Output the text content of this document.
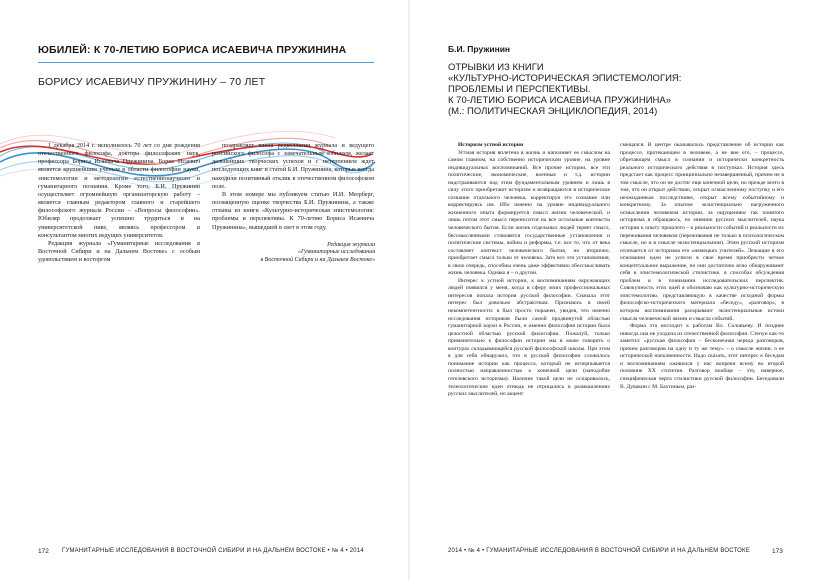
ЮБИЛЕЙ: К 70-ЛЕТИЮ БОРИСА ИСАЕВИЧА ПРУЖИНИНА
БОРИСУ ИСАЕВИЧУ ПРУЖИНИНУ – 70 ЛЕТ

1 декабря 2014 г. исполнилось 70 лет со дня рождения отечественного философа, доктора философских наук, профессора Бориса Исаевича Пружинина. Борис Исаевич является крупнейшим ученым в области философии науки, эпистемологии и методологии естественнонаучного и гуманитарного познания. Кроме того, Б.И. Пружинин осуществляет огромнейшую организаторскую работу – является главным редактором главного и старейшего философского журнала России – «Вопросы философии». Юбиляр продолжает успешно трудиться и на университетской ниве, являясь профессором и консультантом многих ведущих университетов.

Редакция журнала «Гуманитарные исследования в Восточной Сибири и на Дальнем Востоке» с особым удовольствием и восторгом

поздравляет члена редколлегии журнала и ведущего российского философа с замечательным юбилеем, желает дальнейших творческих успехов и с нетерпением ждет последующих книг и статей Б.И. Пружинина, которые всегда находили позитивный отклик в отечественном философском поле.

В этом номере мы публикуем статью И.И. Мюрберг, посвященную оценке творчества Б.И. Пружинина, а также отзывы из книги «Культурно-историческая эпистемология: проблемы и перспективы. К 70-летию Бориса Исаевича Пружинина», вышедшей в свет в этом году.

Редакция журнала
«Гуманитарные исследования
в Восточной Сибири и на Дальнем Востоке»
172 ГУМАНИТАРНЫЕ ИССЛЕДОВАНИЯ В ВОСТОЧНОЙ СИБИРИ И НА ДАЛЬНЕМ ВОСТОКЕ • № 4 • 2014
Б.И. Пружинин
ОТРЫВКИ ИЗ КНИГИ
«КУЛЬТУРНО-ИСТОРИЧЕСКАЯ ЭПИСТЕМОЛОГИЯ:
ПРОБЛЕМЫ И ПЕРСПЕКТИВЫ.
К 70-ЛЕТИЮ БОРИСА ИСАЕВИЧА ПРУЖИНИНА»
(М.: ПОЛИТИЧЕСКАЯ ЭНЦИКЛОПЕДИЯ, 2014)

Историзм устной истории

Устная история вплетена в жизнь и наполняет ее смыслом на самом главном, на собственно историческом уровне, на уровне индивидуальных воспоминаний. Все прочие истории, все эти политические, экономические, военные и т.д. истории надстраиваются над этим фундаментальным уровнем и лишь в силу этого приобретают историзм и возвращаются в историческое сознание отдельного человека, корректируя это сознание или корректируясь им. Ибо именно на уровне индивидуального жизненного опыта формируется смысл жизни человеческой, и лишь потом этот смысл переносится на все остальные контексты человеческого бытия. Если жизнь отдельных людей теряет смысл, бессмысленными становятся государственные установления и политические системы, войны и реформы, т.е. все то, что от века составляет контекст человеческого бытия, но вторично, приобретает смысл только от человека. Зато все эти установления, в свою очередь, способны очень даже эффективно обессмысливать жизнь человека. Однако я – о другом.

Интерес к устной истории, к воспоминаниям окружающих людей появился у меня, когда в сферу моих профессиональных интересов попала история русской философии. Сначала этот интерес был довольно абстрактным. Признаюсь в своей некомпетентности: я был просто поражен, увидев, что именно исследования историков были самой продвинутой областью гуманитарной науки в России, и именно философия истории была целостной областью русской философии. Пожалуй, только применительно к философии истории мы в може говорить о контурах складывающейся русской философской школы. При этом я для себя обнаружил, что в русской философии сложилось понимание истории как процесса, который не исчерпывается полностью направленностью к конечной цели (наподобие гегелевского историзма). Наличие такой цели не оспаривалось, телеологические идеи отнюдь не отрицались в размышлениях русских мыслителей, но акцент

смещался. В центре оказывалось представление об истории как процессе, протекающем в человеке, а не вне его, – процессе, обретающем смысл в сознании и исторически конкретность реального исторического действия в поступках. История здесь предстает как процесс принципиально незавершенный, причем не в том смысле, что он не достиг еще конечной цели, но прежде всего в том, что он открыт действию, открыт осмысленному поступку и его неожиданным последствиям, открыт всему событийному и конкретному. За опытом экзистенциально нагруженного осмысления человеком истории, за ощущением так понятого историзма я обращаюсь, по мнению русских мыслителей, наука истории к опыту прошлого – к реальности событий и реальности их переживания человеком (переживания не только в психологическом смысле, но и в смысле экзистенциальном). Этим русский историзм отличается от историзма его «немецких учителей». Лежащие в его основании идеи не успели в свое время приобрести четкое концептуальное выражение, но они достаточно ясно обнаруживают себя в эпистемологической стилистике, в способах обсуждения проблем и в понимании исследовательских перспектив. Совокупность этих идей я обозначаю как культурно-историческую эпистемологию, представляющую в качестве исходной формы философско-исторического материала «беседу», «разговор», в котором воспоминания раскрывают экзистенциальные истоки смысла человеческой жизни и смысла событий.

Форма эта восходит к работам Вл. Соловьеву. И позднее никогда она не уходила из отечественной философии. Степун как-то заметил: «русская философия – бесконечная череда разговоров, причем разговоров на одну и ту же тему» – о смысле жизни, о ее исторической наполненности. Надо сказать, этот интерес к беседам и воспоминаниям оживился у нас вопреки всему во второй половине XX столетия. Разговор вообще – это, наверное, специфическая черта стилистики русской философии. Беседовали В. Дувакин с М. Бахтиным, раз-

2014 • № 4 • ГУМАНИТАРНЫЕ ИССЛЕДОВАНИЯ В ВОСТОЧНОЙ СИБИРИ И НА ДАЛЬНЕМ ВОСТОКЕ	173
